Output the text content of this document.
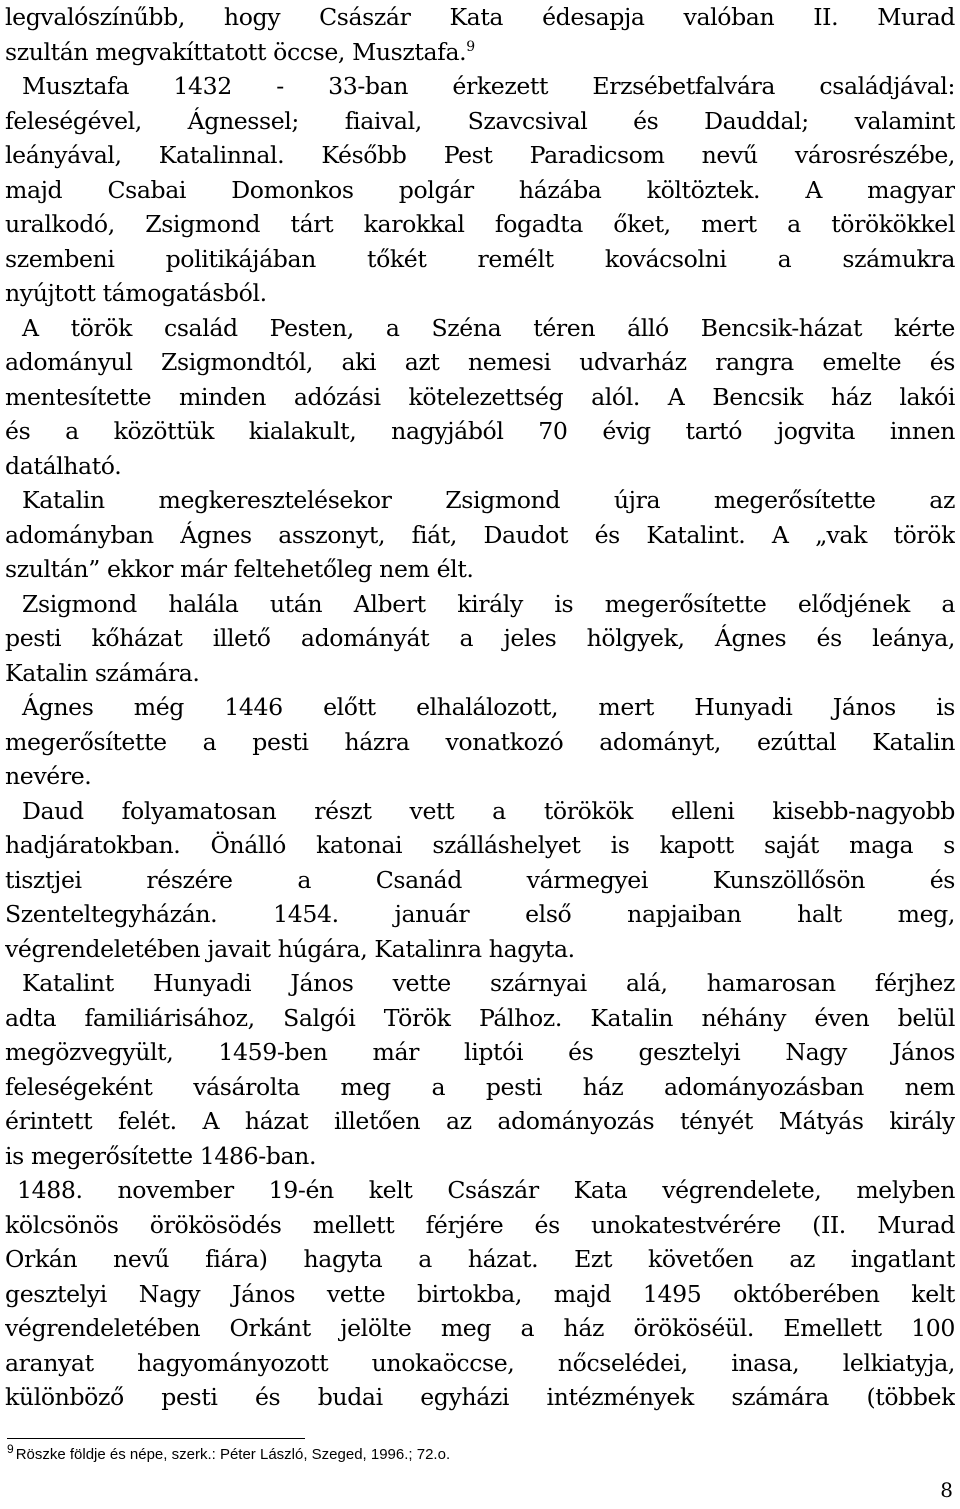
legvalószínűbb, hogy Császár Kata édesapja valóban II. Murad
szultán megvakíttatott öccse, Musztafa.$^9$
Musztafa 1432 - 33-ban érkezett Erzsébetfalvára családjával:
feleségével, Ágnessel; fiaival, Szavcsival és Dauddal; valamint
leányával, Katalinnal. Később Pest Paradicsom nevű városrészébe,
majd Csabai Domonkos polgár házába költöztek. A magyar
uralkodó, Zsigmond tárt karokkal fogadta őket, mert a törökökkel
szembeni politikájában tőkét remélt kovácsolni a számukra
nyújtott támogatásból.
A török család Pesten, a Széna téren álló Bencsik-házat kérte
adományul Zsigmondtól, aki azt nemesi udvarház rangra emelte és
mentesítette minden adózási kötelezettség alól. A Bencsik ház lakói
és a közöttük kialakult, nagyjából 70 évig tartó jogvita innen
datálható.
Katalin megkeresztelésekor Zsigmond újra megerősítette az
adományban Ágnes asszonyt, fiát, Daudot és Katalint. A „vak török
szultán” ekkor már feltehetőleg nem élt.
Zsigmond halála után Albert király is megerősítette elődjének a
pesti kőházat illető adományát a jeles hölgyek, Ágnes és leánya,
Katalin számára.
Ágnes még 1446 előtt elhalálozott, mert Hunyadi János is
megerősítette a pesti házra vonatkozó adományt, ezúttal Katalin
nevére.
Daud folyamatosan részt vett a törökök elleni kisebb-nagyobb
hadjáratokban. Önálló katonai szálláshelyet is kapott saját maga s
tisztjei részére a Csanád vármegyei Kunszöllősön és
Szenteltegyházán. 1454. január első napjaiban halt meg,
végrendeletében javait húgára, Katalinra hagyta.
Katalint Hunyadi János vette szárnyai alá, hamarosan férjhez
adta familiárisához, Salgói Török Pálhoz. Katalin néhány éven belül
megözvegyült, 1459-ben már liptói és gesztelyi Nagy János
feleségeként vásárolta meg a pesti ház adományozásban nem
érintett felét. A házat illetően az adományozás tényét Mátyás király
is megerősítette 1486-ban.
1488. november 19-én kelt Császár Kata végrendelete, melyben
kölcsönös örökösödés mellett férjére és unokatestvérére (II. Murad
Orkán nevű fiára) hagyta a házat. Ezt követően az ingatlant
gesztelyi Nagy János vette birtokba, majd 1495 októberében kelt
végrendeletében Orkánt jelölte meg a ház örököséül. Emellett 100
aranyat hagyományozott unokaöccse, nőcselédei, inasa, lelkiatyja,
különböző pesti és budai egyházi intézmények számára (többek
$^9$ Röszke földje és népe, szerk.: Péter László, Szeged, 1996.; 72.o.
8
